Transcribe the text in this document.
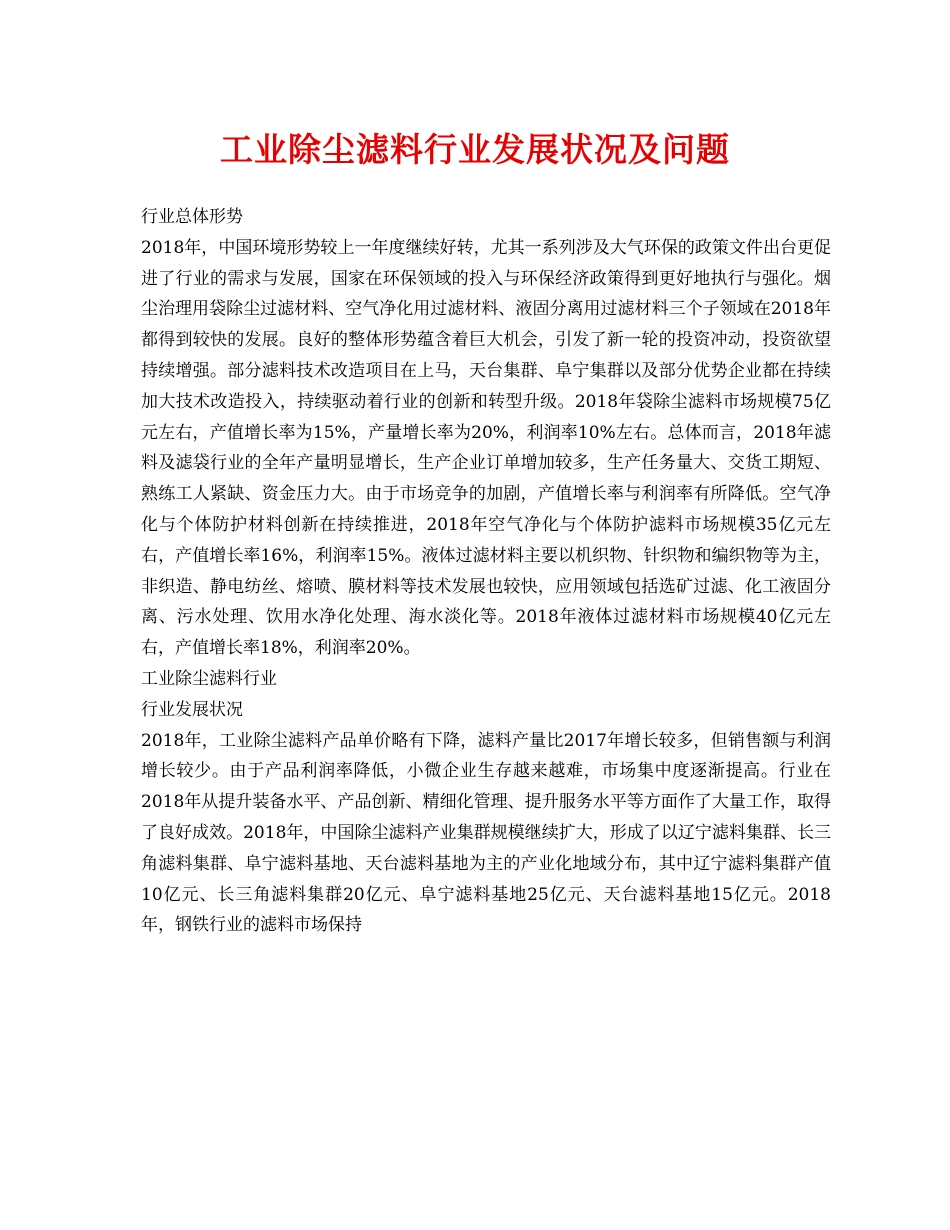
工业除尘滤料行业发展状况及问题

行业总体形势

2018年，中国环境形势较上一年度继续好转，尤其一系列涉及大气环保的政策文件出台更促进了行业的需求与发展，国家在环保领域的投入与环保经济政策得到更好地执行与强化。烟尘治理用袋除尘过滤材料、空气净化用过滤材料、液固分离用过滤材料三个子领域在2018年都得到较快的发展。良好的整体形势蕴含着巨大机会，引发了新一轮的投资冲动，投资欲望持续增强。部分滤料技术改造项目在上马，天台集群、阜宁集群以及部分优势企业都在持续加大技术改造投入，持续驱动着行业的创新和转型升级。2018年袋除尘滤料市场规模75亿元左右，产值增长率为15%，产量增长率为20%，利润率10%左右。总体而言，2018年滤料及滤袋行业的全年产量明显增长，生产企业订单增加较多，生产任务量大、交货工期短、熟练工人紧缺、资金压力大。由于市场竞争的加剧，产值增长率与利润率有所降低。空气净化与个体防护材料创新在持续推进，2018年空气净化与个体防护滤料市场规模35亿元左右，产值增长率16%，利润率15%。液体过滤材料主要以机织物、针织物和编织物等为主，非织造、静电纺丝、熔喷、膜材料等技术发展也较快，应用领域包括选矿过滤、化工液固分离、污水处理、饮用水净化处理、海水淡化等。2018年液体过滤材料市场规模40亿元左右，产值增长率18%，利润率20%。

工业除尘滤料行业

行业发展状况

2018年，工业除尘滤料产品单价略有下降，滤料产量比2017年增长较多，但销售额与利润增长较少。由于产品利润率降低，小微企业生存越来越难，市场集中度逐渐提高。行业在2018年从提升装备水平、产品创新、精细化管理、提升服务水平等方面作了大量工作，取得了良好成效。2018年，中国除尘滤料产业集群规模继续扩大，形成了以辽宁滤料集群、长三角滤料集群、阜宁滤料基地、天台滤料基地为主的产业化地域分布，其中辽宁滤料集群产值10亿元、长三角滤料集群20亿元、阜宁滤料基地25亿元、天台滤料基地15亿元。2018年，钢铁行业的滤料市场保持
